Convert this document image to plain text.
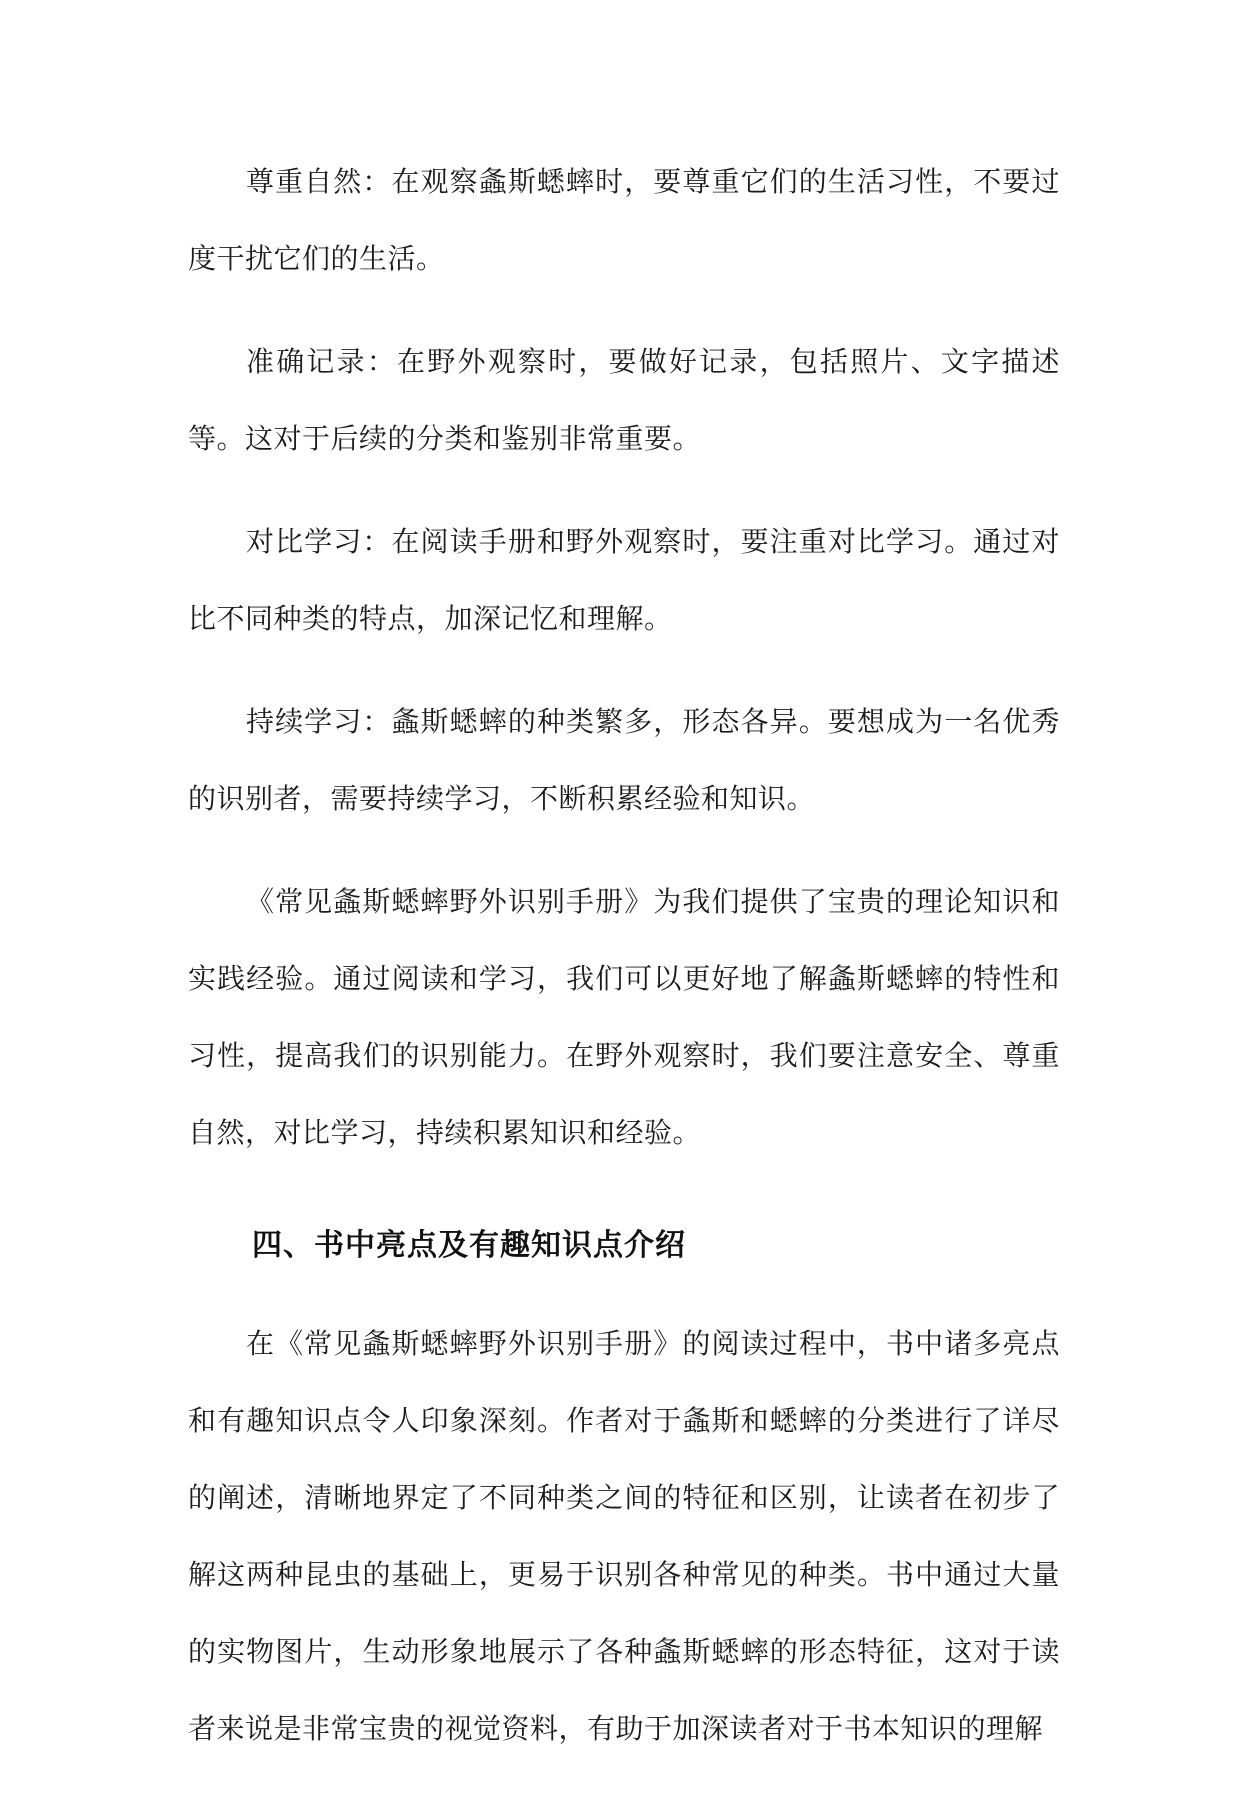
尊重自然：在观察螽斯蟋蟀时，要尊重它们的生活习性，不要过度干扰它们的生活。

准确记录：在野外观察时，要做好记录，包括照片、文字描述等。这对于后续的分类和鉴别非常重要。

对比学习：在阅读手册和野外观察时，要注重对比学习。通过对比不同种类的特点，加深记忆和理解。

持续学习：螽斯蟋蟀的种类繁多，形态各异。要想成为一名优秀的识别者，需要持续学习，不断积累经验和知识。

《常见螽斯蟋蟀野外识别手册》为我们提供了宝贵的理论知识和实践经验。通过阅读和学习，我们可以更好地了解螽斯蟋蟀的特性和习性，提高我们的识别能力。在野外观察时，我们要注意安全、尊重自然，对比学习，持续积累知识和经验。

四、书中亮点及有趣知识点介绍

在《常见螽斯蟋蟀野外识别手册》的阅读过程中，书中诸多亮点和有趣知识点令人印象深刻。作者对于螽斯和蟋蟀的分类进行了详尽的阐述，清晰地界定了不同种类之间的特征和区别，让读者在初步了解这两种昆虫的基础上，更易于识别各种常见的种类。书中通过大量的实物图片，生动形象地展示了各种螽斯蟋蟀的形态特征，这对于读者来说是非常宝贵的视觉资料，有助于加深读者对于书本知识的理解
